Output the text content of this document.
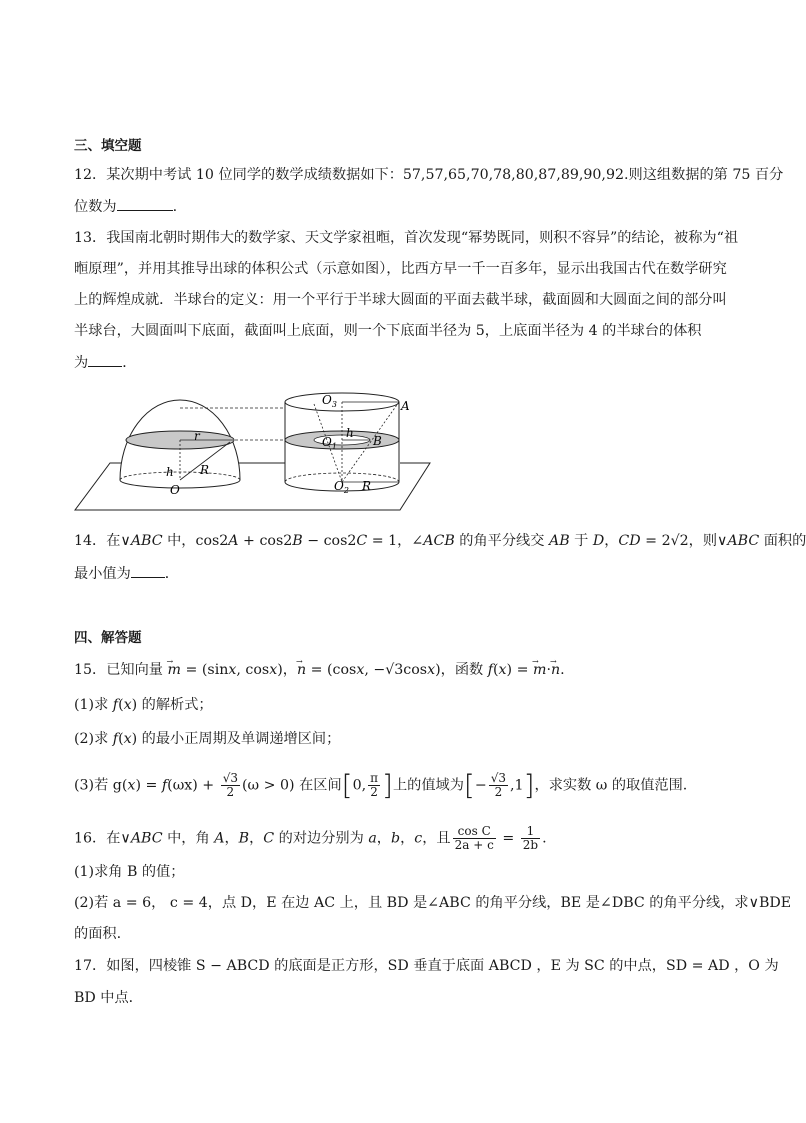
三、填空题
12．某次期中考试 10 位同学的数学成绩数据如下：57,57,65,70,78,80,87,89,90,92.则这组数据的第 75 百分
位数为	.
13．我国南北朝时期伟大的数学家、天文学家祖暅，首次发现“幂势既同，则积不容异”的结论，被称为“祖
暅原理”，并用其推导出球的体积公式（示意如图），比西方早一千一百多年，显示出我国古代在数学研究
上的辉煌成就．半球台的定义：用一个平行于半球大圆面的平面去截半球，截面圆和大圆面之间的部分叫
半球台，大圆面叫下底面，截面叫上底面，则一个下底面半径为 5，上底面半径为 4 的半球台的体积
为 ．
r
h R
O
$O_3$	A
h
$O_1$	B
$O_2$ R
14．在∨ABC 中，cos2A + cos2B − cos2C = 1，∠ACB 的角平分线交 AB 于 D，CD = 2√2，则∨ABC 面积的
最小值为 ．
四、解答题
15．已知向量 → m = (sinx, cosx)，→ n = (cosx, −√3cosx)，函数 f(x) = → m·→ n.
(1)求 f(x) 的解析式；
(2)求 f(x) 的最小正周期及单调递增区间；
(3)若 $g(x) = f(\omega x) + \frac{√3}{2} (\omega > 0)$ 在区间[0, $\frac{\pi}{2}$ ]上的值域为[− $\frac{√3}{2} ,1$]，求实数 ω 的取值范围.
16．在∨ABC 中，角 A，B，C 的对边分别为 a，b，c，且 $\frac{\text{cos C}}{2a + c} = \frac{1}{2b}$ .
(1)求角 B 的值；
(2)若 a = 6， c = 4，点 D，E 在边 AC 上，且 BD 是∠ABC 的角平分线，BE 是∠DBC 的角平分线，求∨BDE
的面积.
17．如图，四棱锥 S − ABCD 的底面是正方形，SD 垂直于底面 ABCD ，E 为 SC 的中点，SD = AD ，O 为
BD 中点．
